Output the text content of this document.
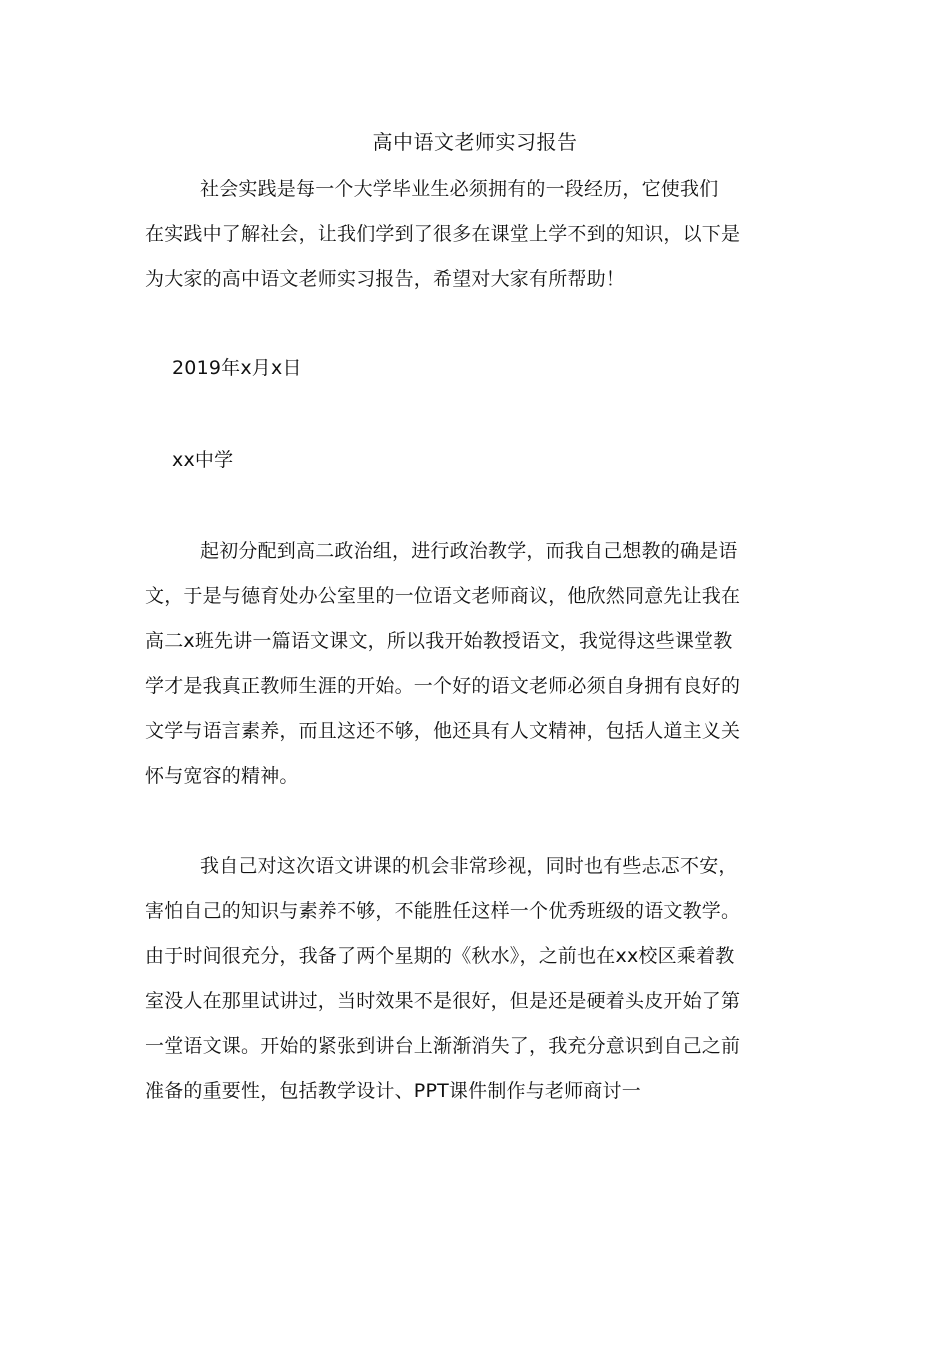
高中语文老师实习报告
社会实践是每一个大学毕业生必须拥有的一段经历，它使我们
在实践中了解社会，让我们学到了很多在课堂上学不到的知识，以下是
为大家的高中语文老师实习报告，希望对大家有所帮助！
2019年x月x日
xx中学
起初分配到高二政治组，进行政治教学，而我自己想教的确是语
文，于是与德育处办公室里的一位语文老师商议，他欣然同意先让我在
高二x班先讲一篇语文课文，所以我开始教授语文，我觉得这些课堂教
学才是我真正教师生涯的开始。一个好的语文老师必须自身拥有良好的
文学与语言素养，而且这还不够，他还具有人文精神，包括人道主义关
怀与宽容的精神。
我自己对这次语文讲课的机会非常珍视，同时也有些忐忑不安，
害怕自己的知识与素养不够，不能胜任这样一个优秀班级的语文教学。
由于时间很充分，我备了两个星期的《秋水》，之前也在xx校区乘着教
室没人在那里试讲过，当时效果不是很好，但是还是硬着头皮开始了第
一堂语文课。开始的紧张到讲台上渐渐消失了，我充分意识到自己之前
准备的重要性，包括教学设计、PPT课件制作与老师商讨一
